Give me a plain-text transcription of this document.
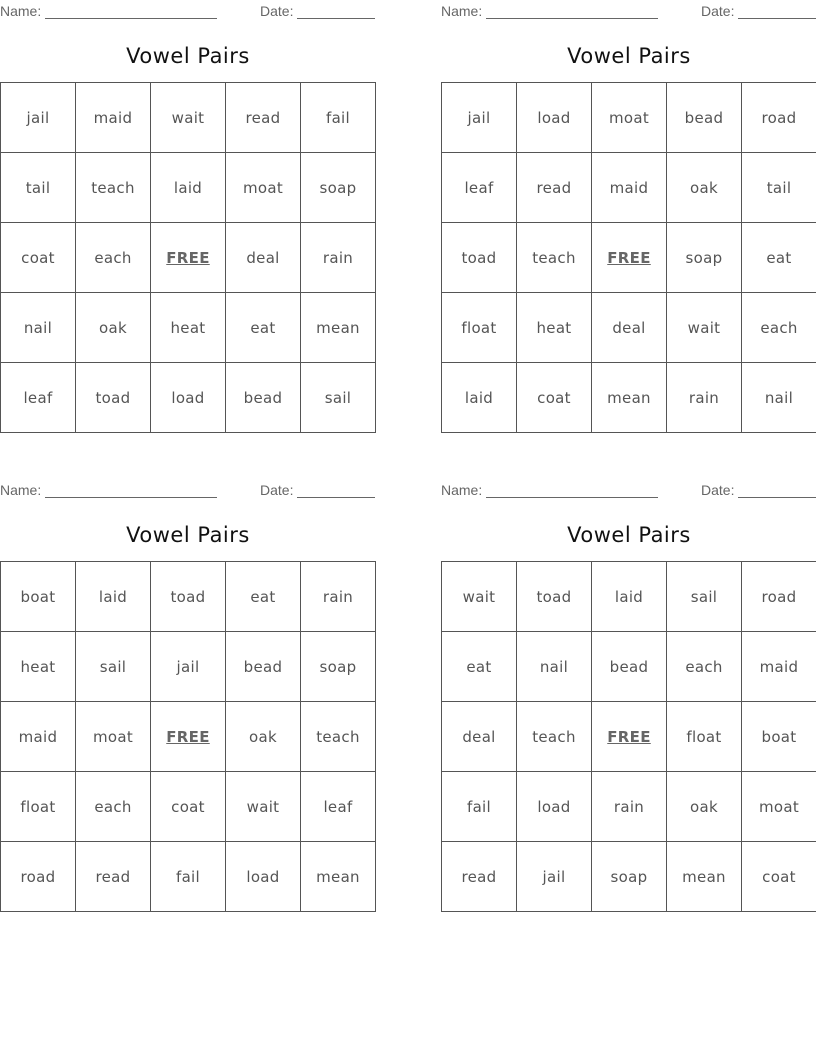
Name:	Date:
Vowel Pairs
jail	maid	wait	read	fail
tail	teach	laid	moat	soap
coat	each	FREE	deal	rain
nail	oak	heat	eat	mean
leaf	toad	load	bead	sail
Name:	Date:
Vowel Pairs
jail	load	moat	bead	road
leaf	read	maid	oak	tail
toad	teach	FREE	soap	eat
float	heat	deal	wait	each
laid	coat	mean	rain	nail
Name:	Date:
Vowel Pairs
boat	laid	toad	eat	rain
heat	sail	jail	bead	soap
maid	moat	FREE	oak	teach
float	each	coat	wait	leaf
road	read	fail	load	mean
Name:	Date:
Vowel Pairs
wait	toad	laid	sail	road
eat	nail	bead	each	maid
deal	teach	FREE	float	boat
fail	load	rain	oak	moat
read	jail	soap	mean	coat
